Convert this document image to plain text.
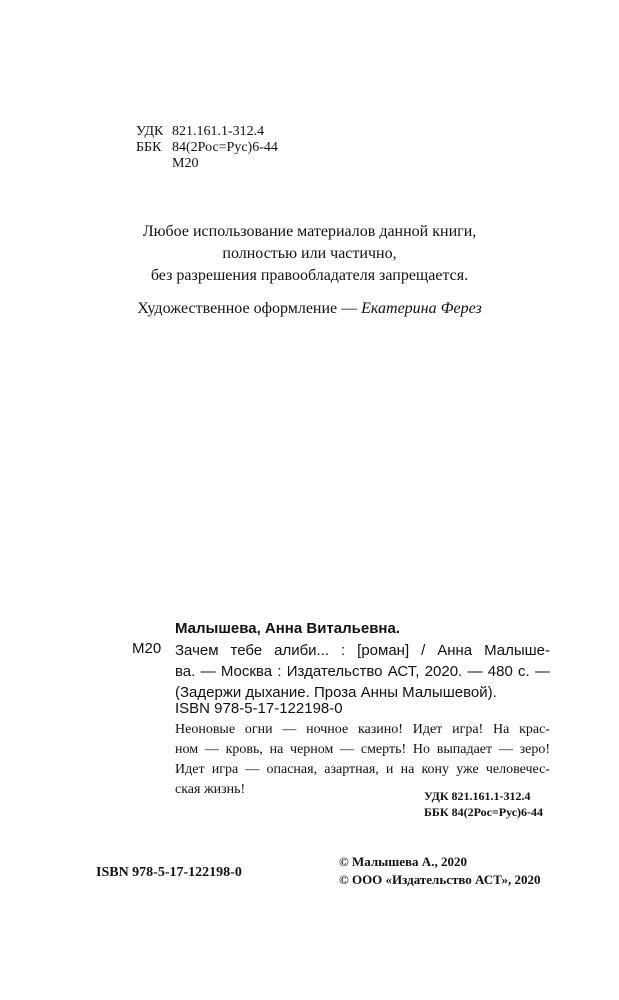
УДК 821.161.1-312.4
ББК 84(2Рос=Рус)6-44
М20
Любое использование материалов данной книги,
полностью или частично,
без разрешения правообладателя запрещается.
Художественное оформление — Екатерина Ферез
Малышева, Анна Витальевна.
М20 Зачем тебе алиби... : [роман] / Анна Малыше-
ва. — Москва : Издательство АСТ, 2020. — 480 с. —
(Задержи дыхание. Проза Анны Малышевой).
ISBN 978-5-17-122198-0
Неоновые огни — ночное казино! Идет игра! На крас-
ном — кровь, на черном — смерть! Но выпадает — зеро!
Идет игра — опасная, азартная, и на кону уже человечес-
ская жизнь!	УДК 821.161.1-312.4
ББК 84(2Рос=Рус)6-44
ISBN 978-5-17-122198-0
© Малышева А., 2020
© ООО «Издательство АСТ», 2020
